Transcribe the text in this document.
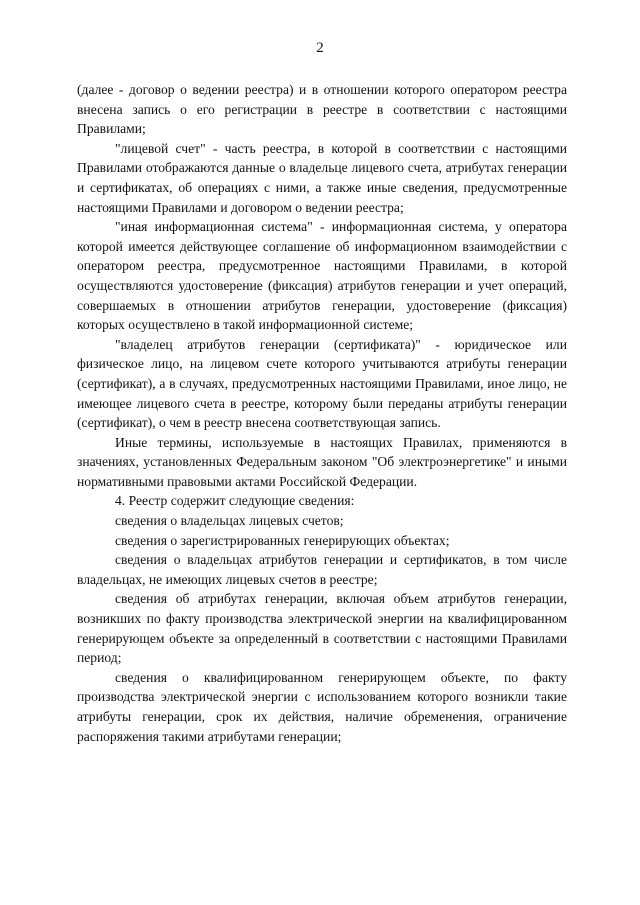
2

(далее - договор о ведении реестра) и в отношении которого оператором реестра внесена запись о его регистрации в реестре в соответствии с настоящими Правилами;

"лицевой счет" - часть реестра, в которой в соответствии с настоящими Правилами отображаются данные о владельце лицевого счета, атрибутах генерации и сертификатах, об операциях с ними, а также иные сведения, предусмотренные настоящими Правилами и договором о ведении реестра;

"иная информационная система" - информационная система, у оператора которой имеется действующее соглашение об информационном взаимодействии с оператором реестра, предусмотренное настоящими Правилами, в которой осуществляются удостоверение (фиксация) атрибутов генерации и учет операций, совершаемых в отношении атрибутов генерации, удостоверение (фиксация) которых осуществлено в такой информационной системе;

"владелец атрибутов генерации (сертификата)" - юридическое или физическое лицо, на лицевом счете которого учитываются атрибуты генерации (сертификат), а в случаях, предусмотренных настоящими Правилами, иное лицо, не имеющее лицевого счета в реестре, которому были переданы атрибуты генерации (сертификат), о чем в реестр внесена соответствующая запись.

Иные термины, используемые в настоящих Правилах, применяются в значениях, установленных Федеральным законом "Об электроэнергетике" и иными нормативными правовыми актами Российской Федерации.

4. Реестр содержит следующие сведения:

сведения о владельцах лицевых счетов;

сведения о зарегистрированных генерирующих объектах;

сведения о владельцах атрибутов генерации и сертификатов, в том числе владельцах, не имеющих лицевых счетов в реестре;

сведения об атрибутах генерации, включая объем атрибутов генерации, возникших по факту производства электрической энергии на квалифицированном генерирующем объекте за определенный в соответствии с настоящими Правилами период;

сведения о квалифицированном генерирующем объекте, по факту производства электрической энергии с использованием которого возникли такие атрибуты генерации, срок их действия, наличие обременения, ограничение распоряжения такими атрибутами генерации;
